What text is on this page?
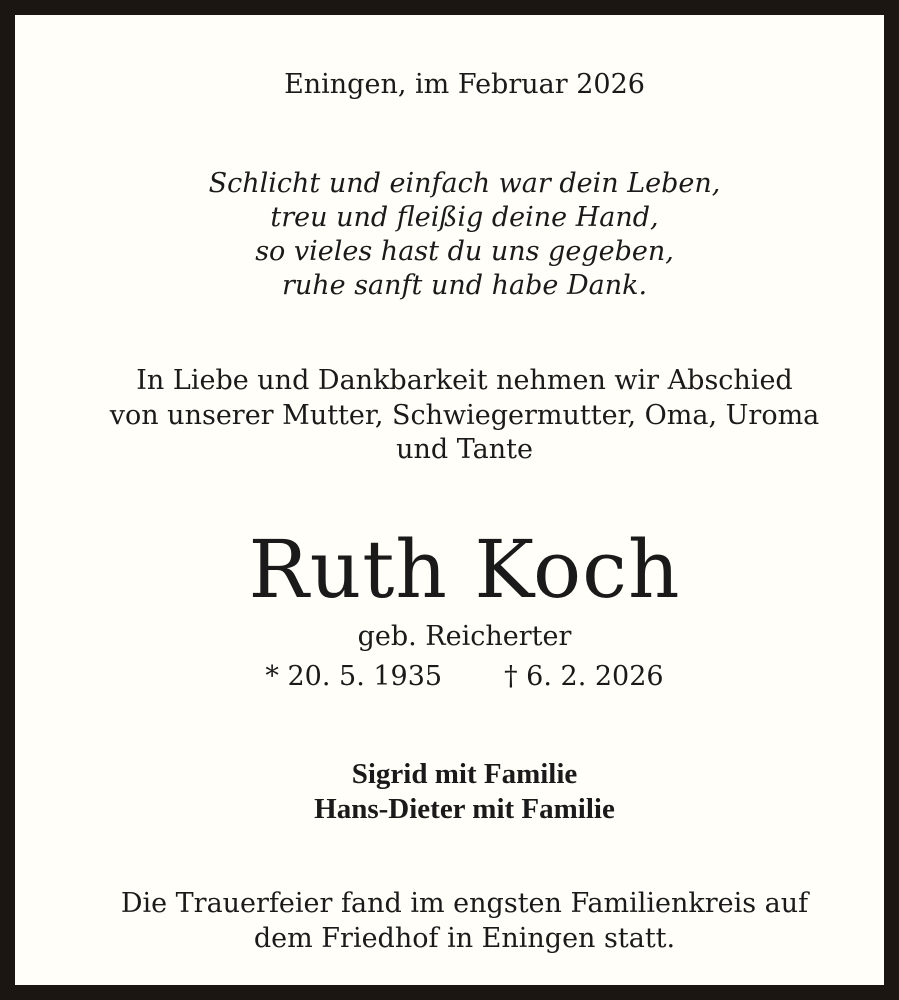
Eningen, im Februar 2026
Schlicht und einfach war dein Leben,
treu und fleißig deine Hand,
so vieles hast du uns gegeben,
ruhe sanft und habe Dank.
In Liebe und Dankbarkeit nehmen wir Abschied
von unserer Mutter, Schwiegermutter, Oma, Uroma
und Tante
Ruth Koch
geb. Reicherter
* 20. 5. 1935 † 6. 2. 2026
Sigrid mit Familie
Hans-Dieter mit Familie
Die Trauerfeier fand im engsten Familienkreis auf
dem Friedhof in Eningen statt.
